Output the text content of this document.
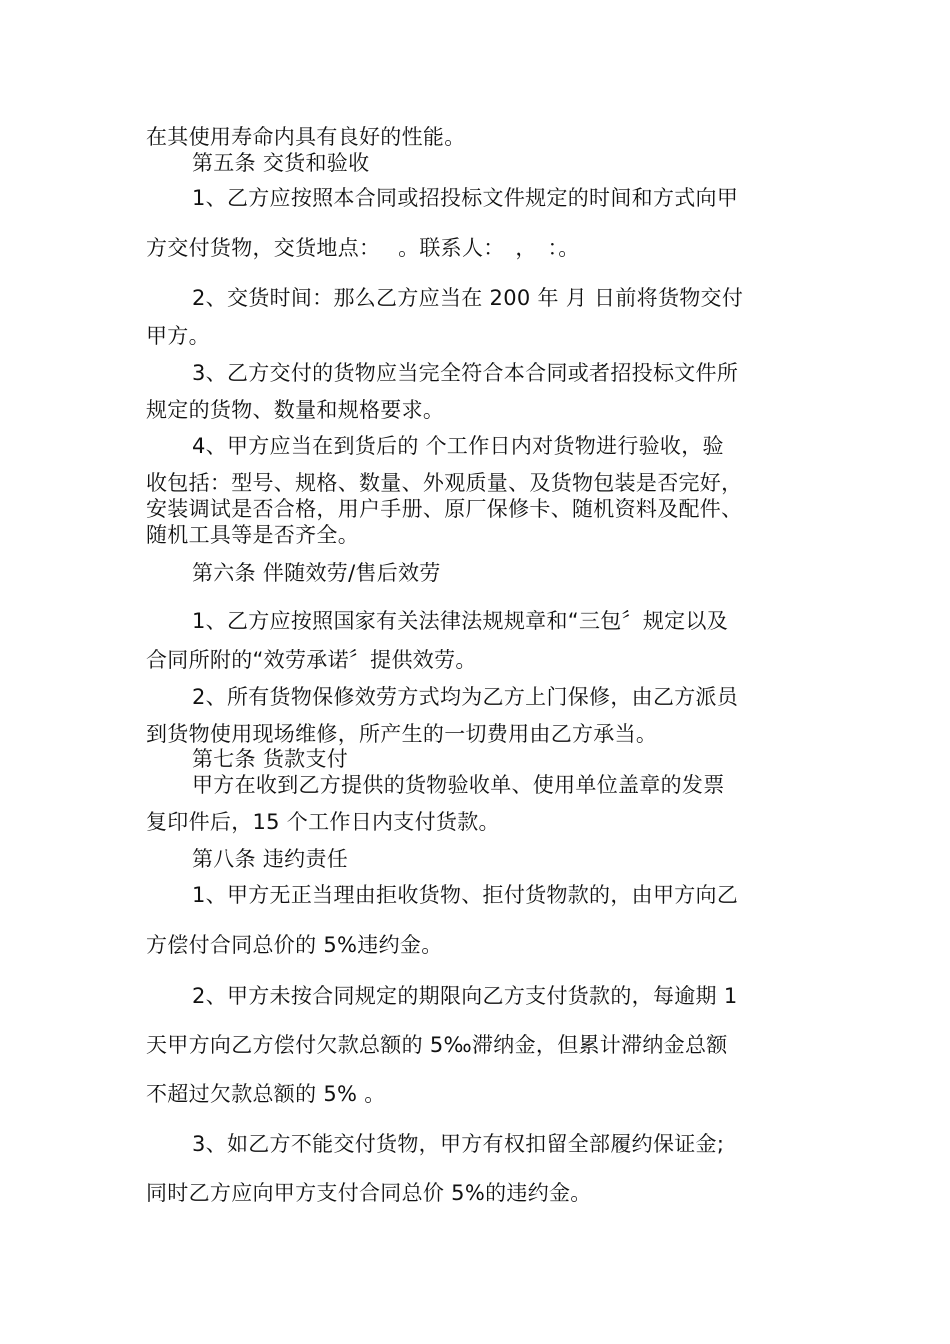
在其使用寿命内具有良好的性能。
第五条 交货和验收
1、乙方应按照本合同或招投标文件规定的时间和方式向甲
方交付货物，交货地点：　 。联系人：　，　：。
2、交货时间：那么乙方应当在 200 年 月 日前将货物交付
甲方。
3、乙方交付的货物应当完全符合本合同或者招投标文件所
规定的货物、数量和规格要求。
4、甲方应当在到货后的 个工作日内对货物进行验收，验
收包括：型号、规格、数量、外观质量、及货物包装是否完好，
安装调试是否合格，用户手册、原厂保修卡、随机资料及配件、
随机工具等是否齐全。
第六条 伴随效劳/售后效劳
1、乙方应按照国家有关法律法规规章和“三包〞规定以及
合同所附的“效劳承诺〞提供效劳。
2、所有货物保修效劳方式均为乙方上门保修，由乙方派员
到货物使用现场维修，所产生的一切费用由乙方承当。
第七条 货款支付
甲方在收到乙方提供的货物验收单、使用单位盖章的发票
复印件后，15 个工作日内支付货款。
第八条 违约责任
1、甲方无正当理由拒收货物、拒付货物款的，由甲方向乙
方偿付合同总价的 5%违约金。
2、甲方未按合同规定的期限向乙方支付货款的，每逾期 1
天甲方向乙方偿付欠款总额的 5‰滞纳金，但累计滞纳金总额
不超过欠款总额的 5% 。
3、如乙方不能交付货物，甲方有权扣留全部履约保证金;
同时乙方应向甲方支付合同总价 5%的违约金。
